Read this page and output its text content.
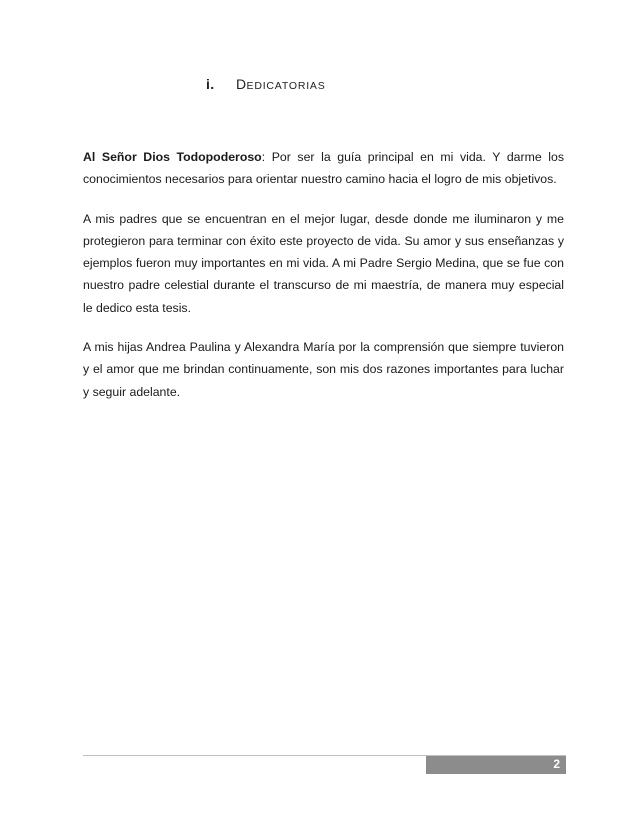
i. DEDICATORIAS

Al Señor Dios Todopoderoso: Por ser la guía principal en mi vida. Y darme los conocimientos necesarios para orientar nuestro camino hacia el logro de mis objetivos.

A mis padres que se encuentran en el mejor lugar, desde donde me iluminaron y me protegieron para terminar con éxito este proyecto de vida. Su amor y sus enseñanzas y ejemplos fueron muy importantes en mi vida. A mi Padre Sergio Medina, que se fue con nuestro padre celestial durante el transcurso de mi maestría, de manera muy especial le dedico esta tesis.

A mis hijas Andrea Paulina y Alexandra María por la comprensión que siempre tuvieron y el amor que me brindan continuamente, son mis dos razones importantes para luchar y seguir adelante.

2
